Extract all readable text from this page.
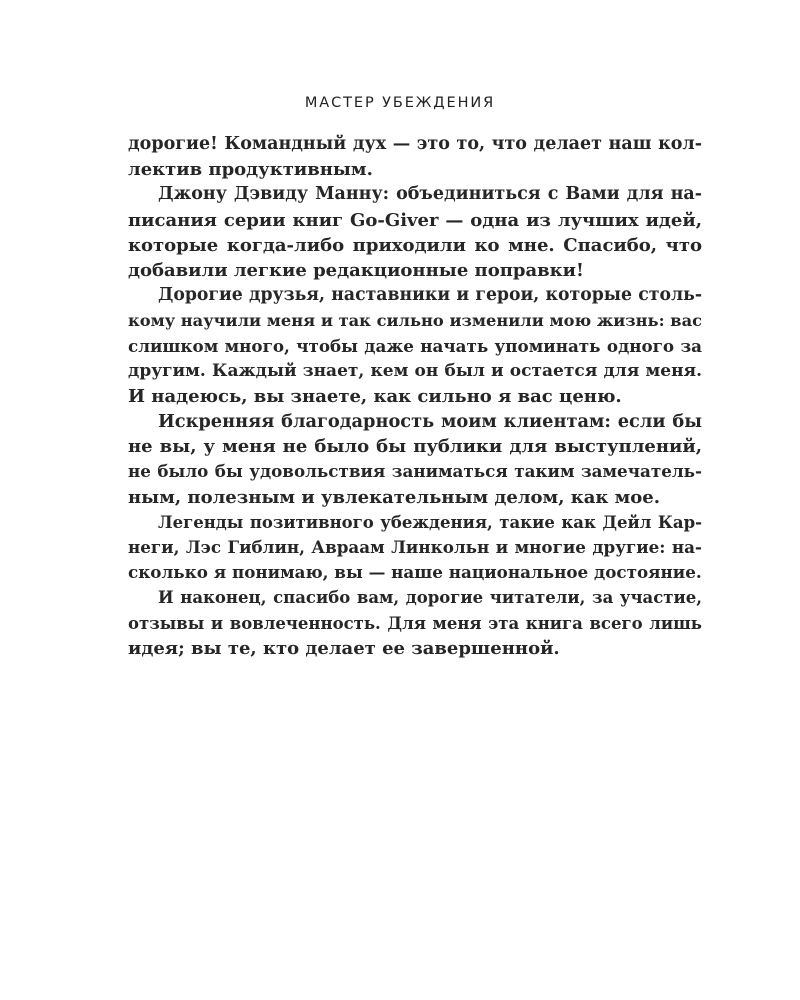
МАСТЕР УБЕЖДЕНИЯ
дорогие! Командный дух — это то, что делает наш кол-
лектив продуктивным.
Джону Дэвиду Манну: объединиться с Вами для на-
писания серии книг Go-Giver — одна из лучших идей,
которые когда-либо приходили ко мне. Спасибо, что
добавили легкие редакционные поправки!
Дорогие друзья, наставники и герои, которые столь-
кому научили меня и так сильно изменили мою жизнь: вас
слишком много, чтобы даже начать упоминать одного за
другим. Каждый знает, кем он был и остается для меня.
И надеюсь, вы знаете, как сильно я вас ценю.
Искренняя благодарность моим клиентам: если бы
не вы, у меня не было бы публики для выступлений,
не было бы удовольствия заниматься таким замечатель-
ным, полезным и увлекательным делом, как мое.
Легенды позитивного убеждения, такие как Дейл Кар-
неги, Лэс Гиблин, Авраам Линкольн и многие другие: на-
сколько я понимаю, вы — наше национальное достояние.
И наконец, спасибо вам, дорогие читатели, за участие,
отзывы и вовлеченность. Для меня эта книга всего лишь
идея; вы те, кто делает ее завершенной.
